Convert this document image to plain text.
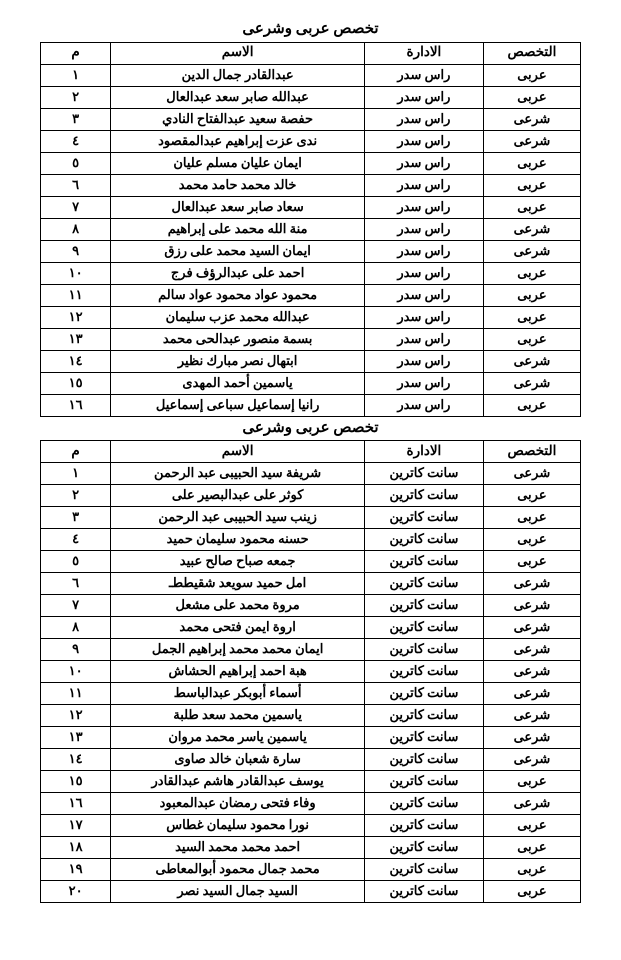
تخصص عربى وشرعى
التخصص	الادارة	الاسم	م
عربى	راس سدر	عبدالقادر جمال الدين	١
عربى	راس سدر	عبدالله صابر سعد عبدالعال	٢
شرعى	راس سدر	حفصة سعيد عبدالفتاح النادي	٣
شرعى	راس سدر	ندى عزت إبراهيم عبدالمقصود	٤
عربى	راس سدر	ايمان عليان مسلم عليان	٥
عربى	راس سدر	خالد محمد حامد محمد	٦
عربى	راس سدر	سعاد صابر سعد عبدالعال	٧
شرعى	راس سدر	منة الله محمد على إبراهيم	٨
شرعى	راس سدر	ايمان السيد محمد على رزق	٩
عربى	راس سدر	احمد على عبدالرؤف فرج	١٠
عربى	راس سدر	محمود عواد محمود عواد سالم	١١
عربى	راس سدر	عبدالله محمد عزب سليمان	١٢
عربى	راس سدر	بسمة منصور عبدالحى محمد	١٣
شرعى	راس سدر	ابتهال نصر مبارك نظير	١٤
شرعى	راس سدر	ياسمين أحمد المهدى	١٥
عربى	راس سدر	رانيا إسماعيل سباعى إسماعيل	١٦
تخصص عربى وشرعى
التخصص	الادارة	الاسم	م
شرعى	سانت كاترين	شريفة سيد الحبيبى عبد الرحمن	١
عربى	سانت كاترين	كوثر على عبدالبصير على	٢
عربى	سانت كاترين	زينب سيد الحبيبى عبد الرحمن	٣
عربى	سانت كاترين	حسنه محمود سليمان حميد	٤
عربى	سانت كاترين	جمعه صباح صالح عبيد	٥
شرعى	سانت كاترين	امل حميد سويعد شقيططـ	٦
شرعى	سانت كاترين	مروة محمد على مشعل	٧
شرعى	سانت كاترين	اروة ايمن فتحى محمد	٨
شرعى	سانت كاترين	ايمان محمد محمد إبراهيم الجمل	٩
شرعى	سانت كاترين	هبة احمد إبراهيم الحشاش	١٠
شرعى	سانت كاترين	أسماء أبوبكر عبدالباسط	١١
شرعى	سانت كاترين	ياسمين محمد سعد طلبة	١٢
شرعى	سانت كاترين	ياسمين ياسر محمد مروان	١٣
شرعى	سانت كاترين	سارة شعبان خالد صاوى	١٤
عربى	سانت كاترين	يوسف عبدالقادر هاشم عبدالقادر	١٥
شرعى	سانت كاترين	وفاء فتحى رمضان عبدالمعبود	١٦
عربى	سانت كاترين	نورا محمود سليمان غطاس	١٧
عربى	سانت كاترين	احمد محمد محمد السيد	١٨
عربى	سانت كاترين	محمد جمال محمود أبوالمعاطى	١٩
عربى	سانت كاترين	السيد جمال السيد نصر	٢٠
